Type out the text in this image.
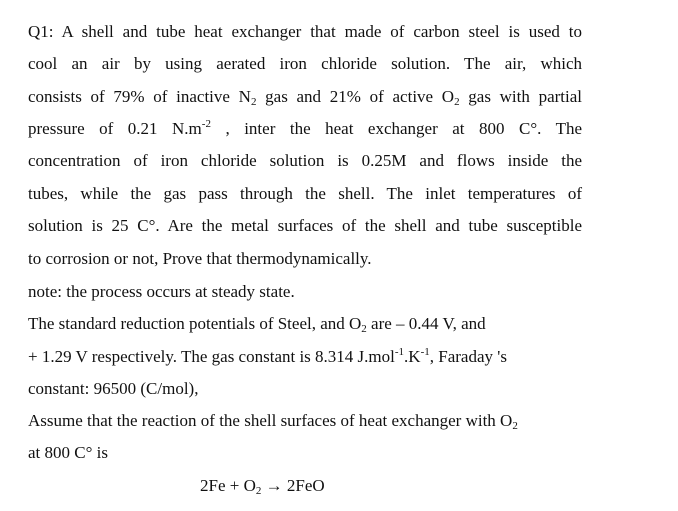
Q1: A shell and tube heat exchanger that made of carbon steel is used to
cool an air by using aerated iron chloride solution. The air, which
consists of 79% of inactive $N_2$ gas and 21% of active $O_2$ gas with partial
pressure of 0.21 $N.m^{-2}$ , inter the heat exchanger at 800 C°. The
concentration of iron chloride solution is 0.25M and flows inside the
tubes, while the gas pass through the shell. The inlet temperatures of
solution is 25 C°. Are the metal surfaces of the shell and tube susceptible
to corrosion or not, Prove that thermodynamically.
note: the process occurs at steady state.
The standard reduction potentials of Steel, and $O_2$ are – 0.44 V, and
+ 1.29 V respectively. The gas constant is 8.314 $J.mol^{-1}.K^{-1}$, Faraday 's
constant: 96500 (C/mol),
Assume that the reaction of the shell surfaces of heat exchanger with $O_2$
at 800 C° is
$2Fe + O_2 \to 2FeO$
